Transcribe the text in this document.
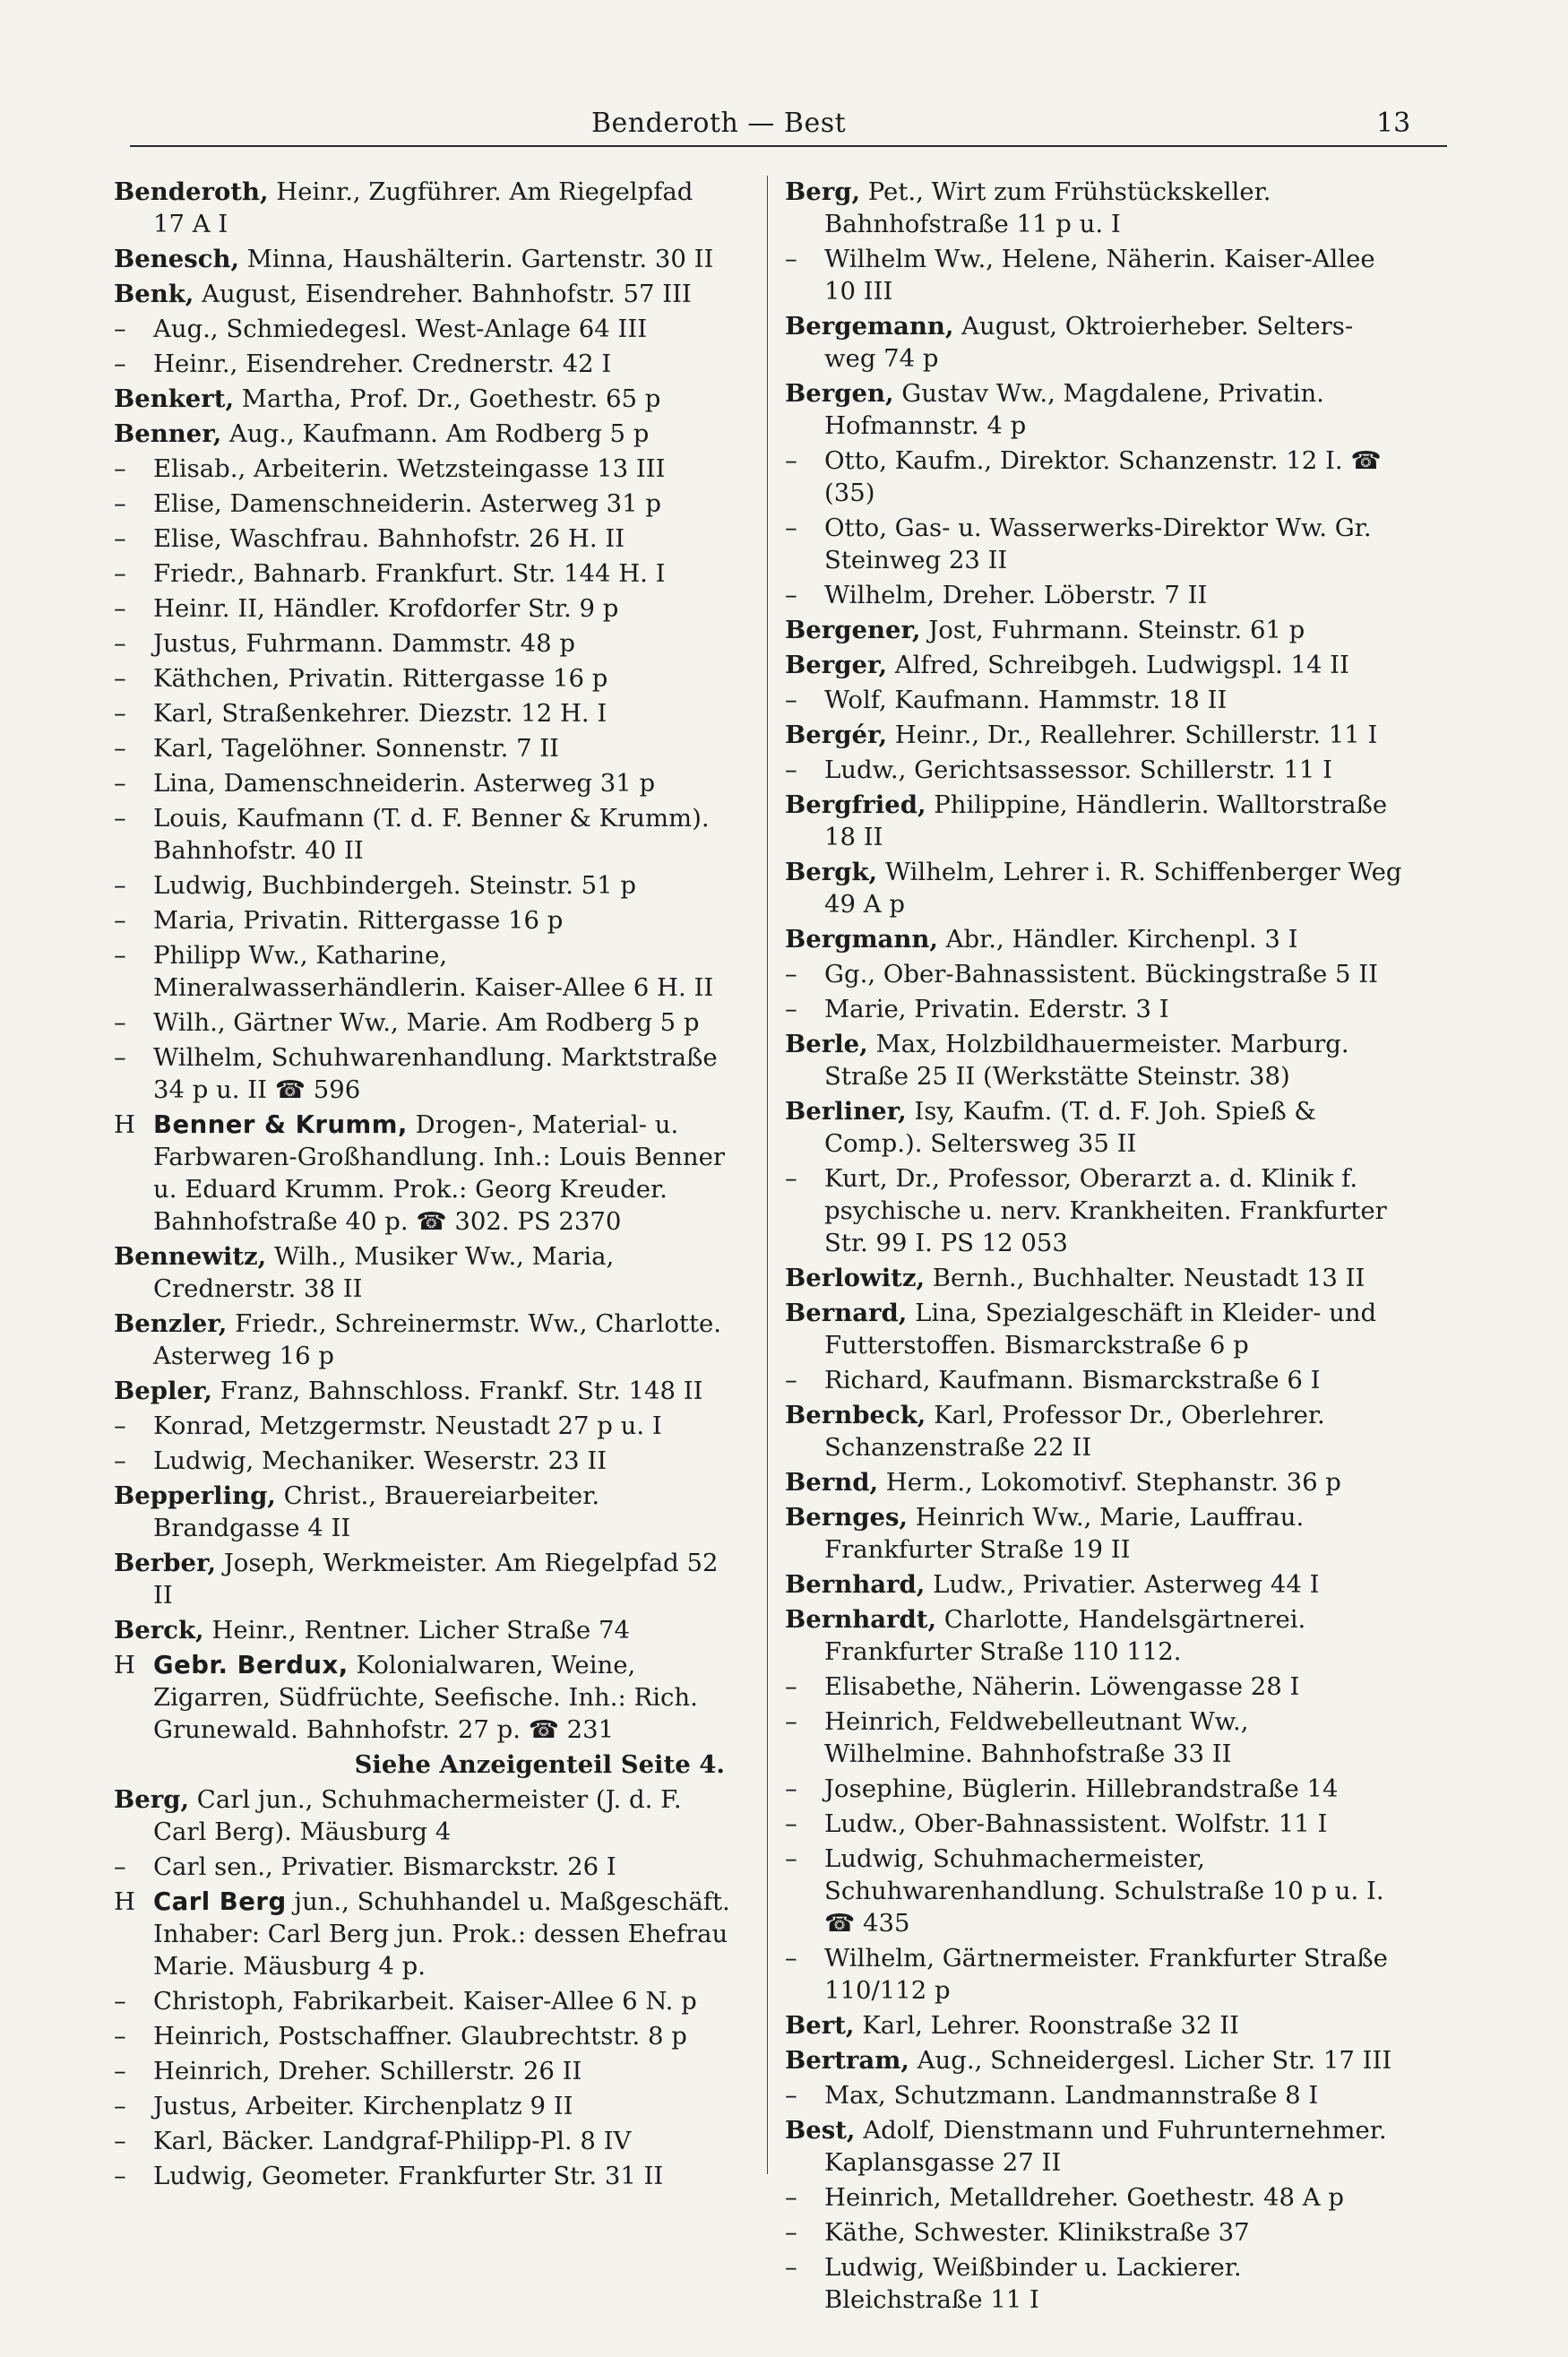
Benderoth — Best	13
Benderoth, Heinr., Zugführer. Am Riegelpfad 17 A I
Benesch, Minna, Haushälterin. Gartenstr. 30 II
Benk, August, Eisendreher. Bahnhofstr. 57 III
– Aug., Schmiedegesl. West-Anlage 64 III
– Heinr., Eisendreher. Crednerstr. 42 I
Benkert, Martha, Prof. Dr., Goethestr. 65 p
Benner, Aug., Kaufmann. Am Rodberg 5 p
– Elisab., Arbeiterin. Wetzsteingasse 13 III
– Elise, Damenschneiderin. Asterweg 31 p
– Elise, Waschfrau. Bahnhofstr. 26 H. II
– Friedr., Bahnarb. Frankfurt. Str. 144 H. I
– Heinr. II, Händler. Krofdorfer Str. 9 p
– Justus, Fuhrmann. Dammstr. 48 p
– Käthchen, Privatin. Rittergasse 16 p
– Karl, Straßenkehrer. Diezstr. 12 H. I
– Karl, Tagelöhner. Sonnenstr. 7 II
– Lina, Damenschneiderin. Asterweg 31 p
– Louis, Kaufmann (T. d. F. Benner & Krumm). Bahnhofstr. 40 II
– Ludwig, Buchbindergeh. Steinstr. 51 p
– Maria, Privatin. Rittergasse 16 p
– Philipp Ww., Katharine, Mineralwasserhändlerin. Kaiser-Allee 6 H. II
– Wilh., Gärtner Ww., Marie. Am Rodberg 5 p
– Wilhelm, Schuhwarenhandlung. Marktstraße 34 p u. II ☎ 596
H Benner & Krumm, Drogen-, Material- u. Farbwaren-Großhandlung. Inh.: Louis Benner u. Eduard Krumm. Prok.: Georg Kreuder. Bahnhofstraße 40 p. ☎ 302. PS 2370
Bennewitz, Wilh., Musiker Ww., Maria, Crednerstr. 38 II
Benzler, Friedr., Schreinermstr. Ww., Charlotte. Asterweg 16 p
Bepler, Franz, Bahnschloss. Frankf. Str. 148 II
– Konrad, Metzgermstr. Neustadt 27 p u. I
– Ludwig, Mechaniker. Weserstr. 23 II
Bepperling, Christ., Brauereiarbeiter. Brandgasse 4 II
Berber, Joseph, Werkmeister. Am Riegelpfad 52 II
Berck, Heinr., Rentner. Licher Straße 74
H Gebr. Berdux, Kolonialwaren, Weine, Zigarren, Südfrüchte, Seefische. Inh.: Rich. Grunewald. Bahnhofstr. 27 p. ☎ 231
Siehe Anzeigenteil Seite 4.
Berg, Carl jun., Schuhmachermeister (J. d. F. Carl Berg). Mäusburg 4
– Carl sen., Privatier. Bismarckstr. 26 I
H Carl Berg jun., Schuhhandel u. Maßgeschäft. Inhaber: Carl Berg jun. Prok.: dessen Ehefrau Marie. Mäusburg 4 p.
– Christoph, Fabrikarbeit. Kaiser-Allee 6 N. p
– Heinrich, Postschaffner. Glaubrechtstr. 8 p
– Heinrich, Dreher. Schillerstr. 26 II
– Justus, Arbeiter. Kirchenplatz 9 II
– Karl, Bäcker. Landgraf-Philipp-Pl. 8 IV
– Ludwig, Geometer. Frankfurter Str. 31 II
Berg, Pet., Wirt zum Frühstückskeller. Bahnhofstraße 11 p u. I
– Wilhelm Ww., Helene, Näherin. Kaiser-Allee 10 III
Bergemann, August, Oktroierheber. Selters-weg 74 p
Bergen, Gustav Ww., Magdalene, Privatin. Hofmannstr. 4 p
– Otto, Kaufm., Direktor. Schanzenstr. 12 I. ☎ (35)
– Otto, Gas- u. Wasserwerks-Direktor Ww. Gr. Steinweg 23 II
– Wilhelm, Dreher. Löberstr. 7 II
Bergener, Jost, Fuhrmann. Steinstr. 61 p
Berger, Alfred, Schreibgeh. Ludwigspl. 14 II
– Wolf, Kaufmann. Hammstr. 18 II
Bergér, Heinr., Dr., Reallehrer. Schillerstr. 11 I
– Ludw., Gerichtsassessor. Schillerstr. 11 I
Bergfried, Philippine, Händlerin. Walltorstraße 18 II
Bergk, Wilhelm, Lehrer i. R. Schiffenberger Weg 49 A p
Bergmann, Abr., Händler. Kirchenpl. 3 I
– Gg., Ober-Bahnassistent. Bückingstraße 5 II
– Marie, Privatin. Ederstr. 3 I
Berle, Max, Holzbildhauermeister. Marburg. Straße 25 II (Werkstätte Steinstr. 38)
Berliner, Isy, Kaufm. (T. d. F. Joh. Spieß & Comp.). Seltersweg 35 II
– Kurt, Dr., Professor, Oberarzt a. d. Klinik f. psychische u. nerv. Krankheiten. Frankfurter Str. 99 I. PS 12 053
Berlowitz, Bernh., Buchhalter. Neustadt 13 II
Bernard, Lina, Spezialgeschäft in Kleider- und Futterstoffen. Bismarckstraße 6 p
– Richard, Kaufmann. Bismarckstraße 6 I
Bernbeck, Karl, Professor Dr., Oberlehrer. Schanzenstraße 22 II
Bernd, Herm., Lokomotivf. Stephanstr. 36 p
Bernges, Heinrich Ww., Marie, Lauffrau. Frankfurter Straße 19 II
Bernhard, Ludw., Privatier. Asterweg 44 I
Bernhardt, Charlotte, Handelsgärtnerei. Frankfurter Straße 110 112.
– Elisabethe, Näherin. Löwengasse 28 I
– Heinrich, Feldwebelleutnant Ww., Wilhelmine. Bahnhofstraße 33 II
– Josephine, Büglerin. Hillebrandstraße 14
– Ludw., Ober-Bahnassistent. Wolfstr. 11 I
– Ludwig, Schuhmachermeister, Schuhwarenhandlung. Schulstraße 10 p u. I. ☎ 435
– Wilhelm, Gärtnermeister. Frankfurter Straße 110/112 p
Bert, Karl, Lehrer. Roonstraße 32 II
Bertram, Aug., Schneidergesl. Licher Str. 17 III
– Max, Schutzmann. Landmannstraße 8 I
Best, Adolf, Dienstmann und Fuhrunternehmer. Kaplansgasse 27 II
– Heinrich, Metalldreher. Goethestr. 48 A p
– Käthe, Schwester. Klinikstraße 37
– Ludwig, Weißbinder u. Lackierer. Bleichstraße 11 I
